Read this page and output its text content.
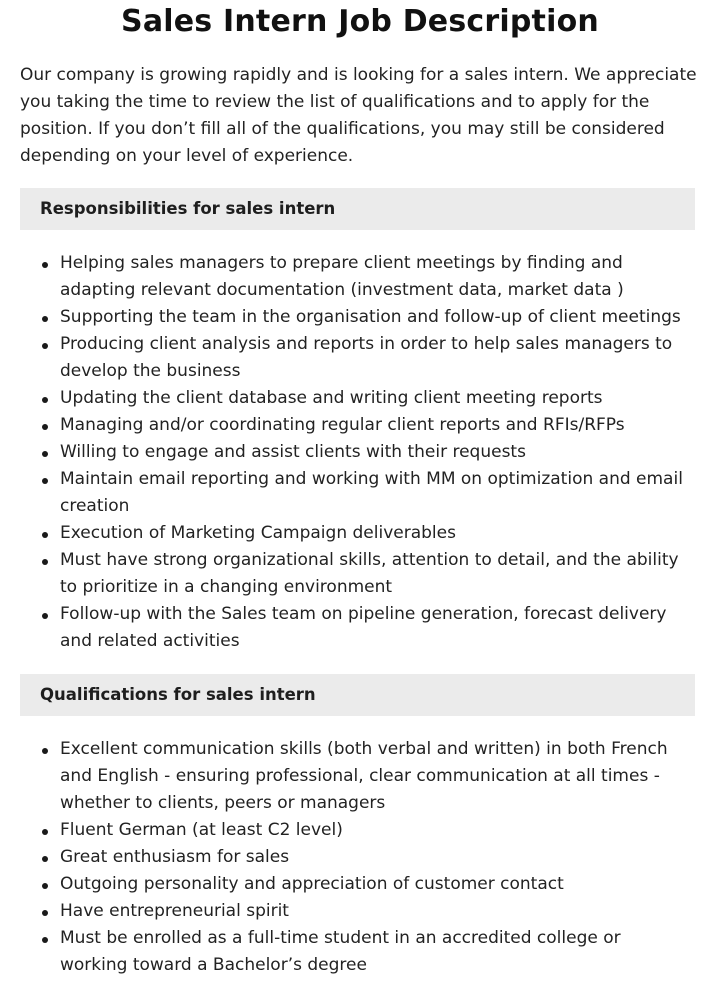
Sales Intern Job Description

Our company is growing rapidly and is looking for a sales intern. We appreciate you taking the time to review the list of qualifications and to apply for the position. If you don’t fill all of the qualifications, you may still be considered depending on your level of experience.

Responsibilities for sales intern
Helping sales managers to prepare client meetings by finding and adapting relevant documentation (investment data, market data )
Supporting the team in the organisation and follow-up of client meetings
Producing client analysis and reports in order to help sales managers to develop the business
Updating the client database and writing client meeting reports
Managing and/or coordinating regular client reports and RFIs/RFPs
Willing to engage and assist clients with their requests
Maintain email reporting and working with MM on optimization and email creation
Execution of Marketing Campaign deliverables
Must have strong organizational skills, attention to detail, and the ability to prioritize in a changing environment
Follow-up with the Sales team on pipeline generation, forecast delivery and related activities
Qualifications for sales intern
Excellent communication skills (both verbal and written) in both French and English - ensuring professional, clear communication at all times - whether to clients, peers or managers
Fluent German (at least C2 level)
Great enthusiasm for sales
Outgoing personality and appreciation of customer contact
Have entrepreneurial spirit
Must be enrolled as a full-time student in an accredited college or working toward a Bachelor’s degree
